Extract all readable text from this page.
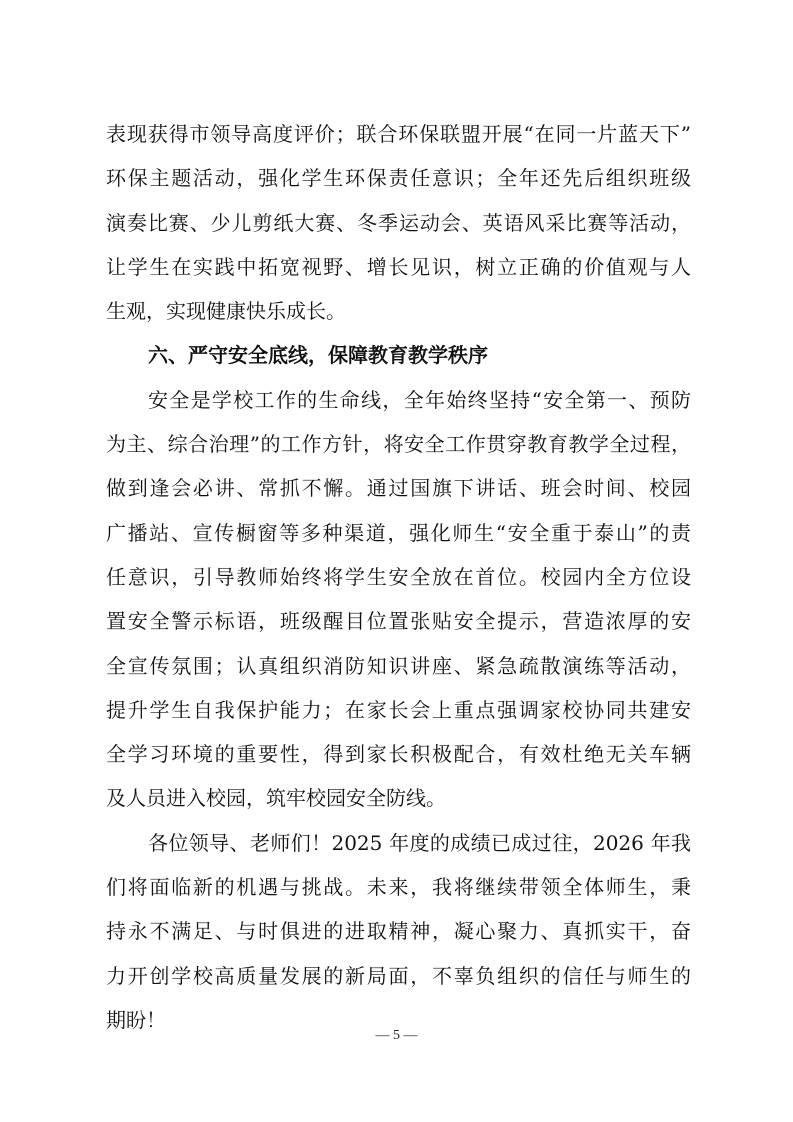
表现获得市领导高度评价；联合环保联盟开展“在同一片蓝天下”
环保主题活动，强化学生环保责任意识；全年还先后组织班级
演奏比赛、少儿剪纸大赛、冬季运动会、英语风采比赛等活动，
让学生在实践中拓宽视野、增长见识，树立正确的价值观与人
生观，实现健康快乐成长。
六、严守安全底线，保障教育教学秩序
安全是学校工作的生命线，全年始终坚持“安全第一、预防
为主、综合治理”的工作方针，将安全工作贯穿教育教学全过程，
做到逢会必讲、常抓不懈。通过国旗下讲话、班会时间、校园
广播站、宣传橱窗等多种渠道，强化师生“安全重于泰山”的责
任意识，引导教师始终将学生安全放在首位。校园内全方位设
置安全警示标语，班级醒目位置张贴安全提示，营造浓厚的安
全宣传氛围；认真组织消防知识讲座、紧急疏散演练等活动，
提升学生自我保护能力；在家长会上重点强调家校协同共建安
全学习环境的重要性，得到家长积极配合，有效杜绝无关车辆
及人员进入校园，筑牢校园安全防线。
各位领导、老师们！2025 年度的成绩已成过往，2026 年我
们将面临新的机遇与挑战。未来，我将继续带领全体师生，秉
持永不满足、与时俱进的进取精神，凝心聚力、真抓实干，奋
力开创学校高质量发展的新局面，不辜负组织的信任与师生的
期盼！
— 5 —
